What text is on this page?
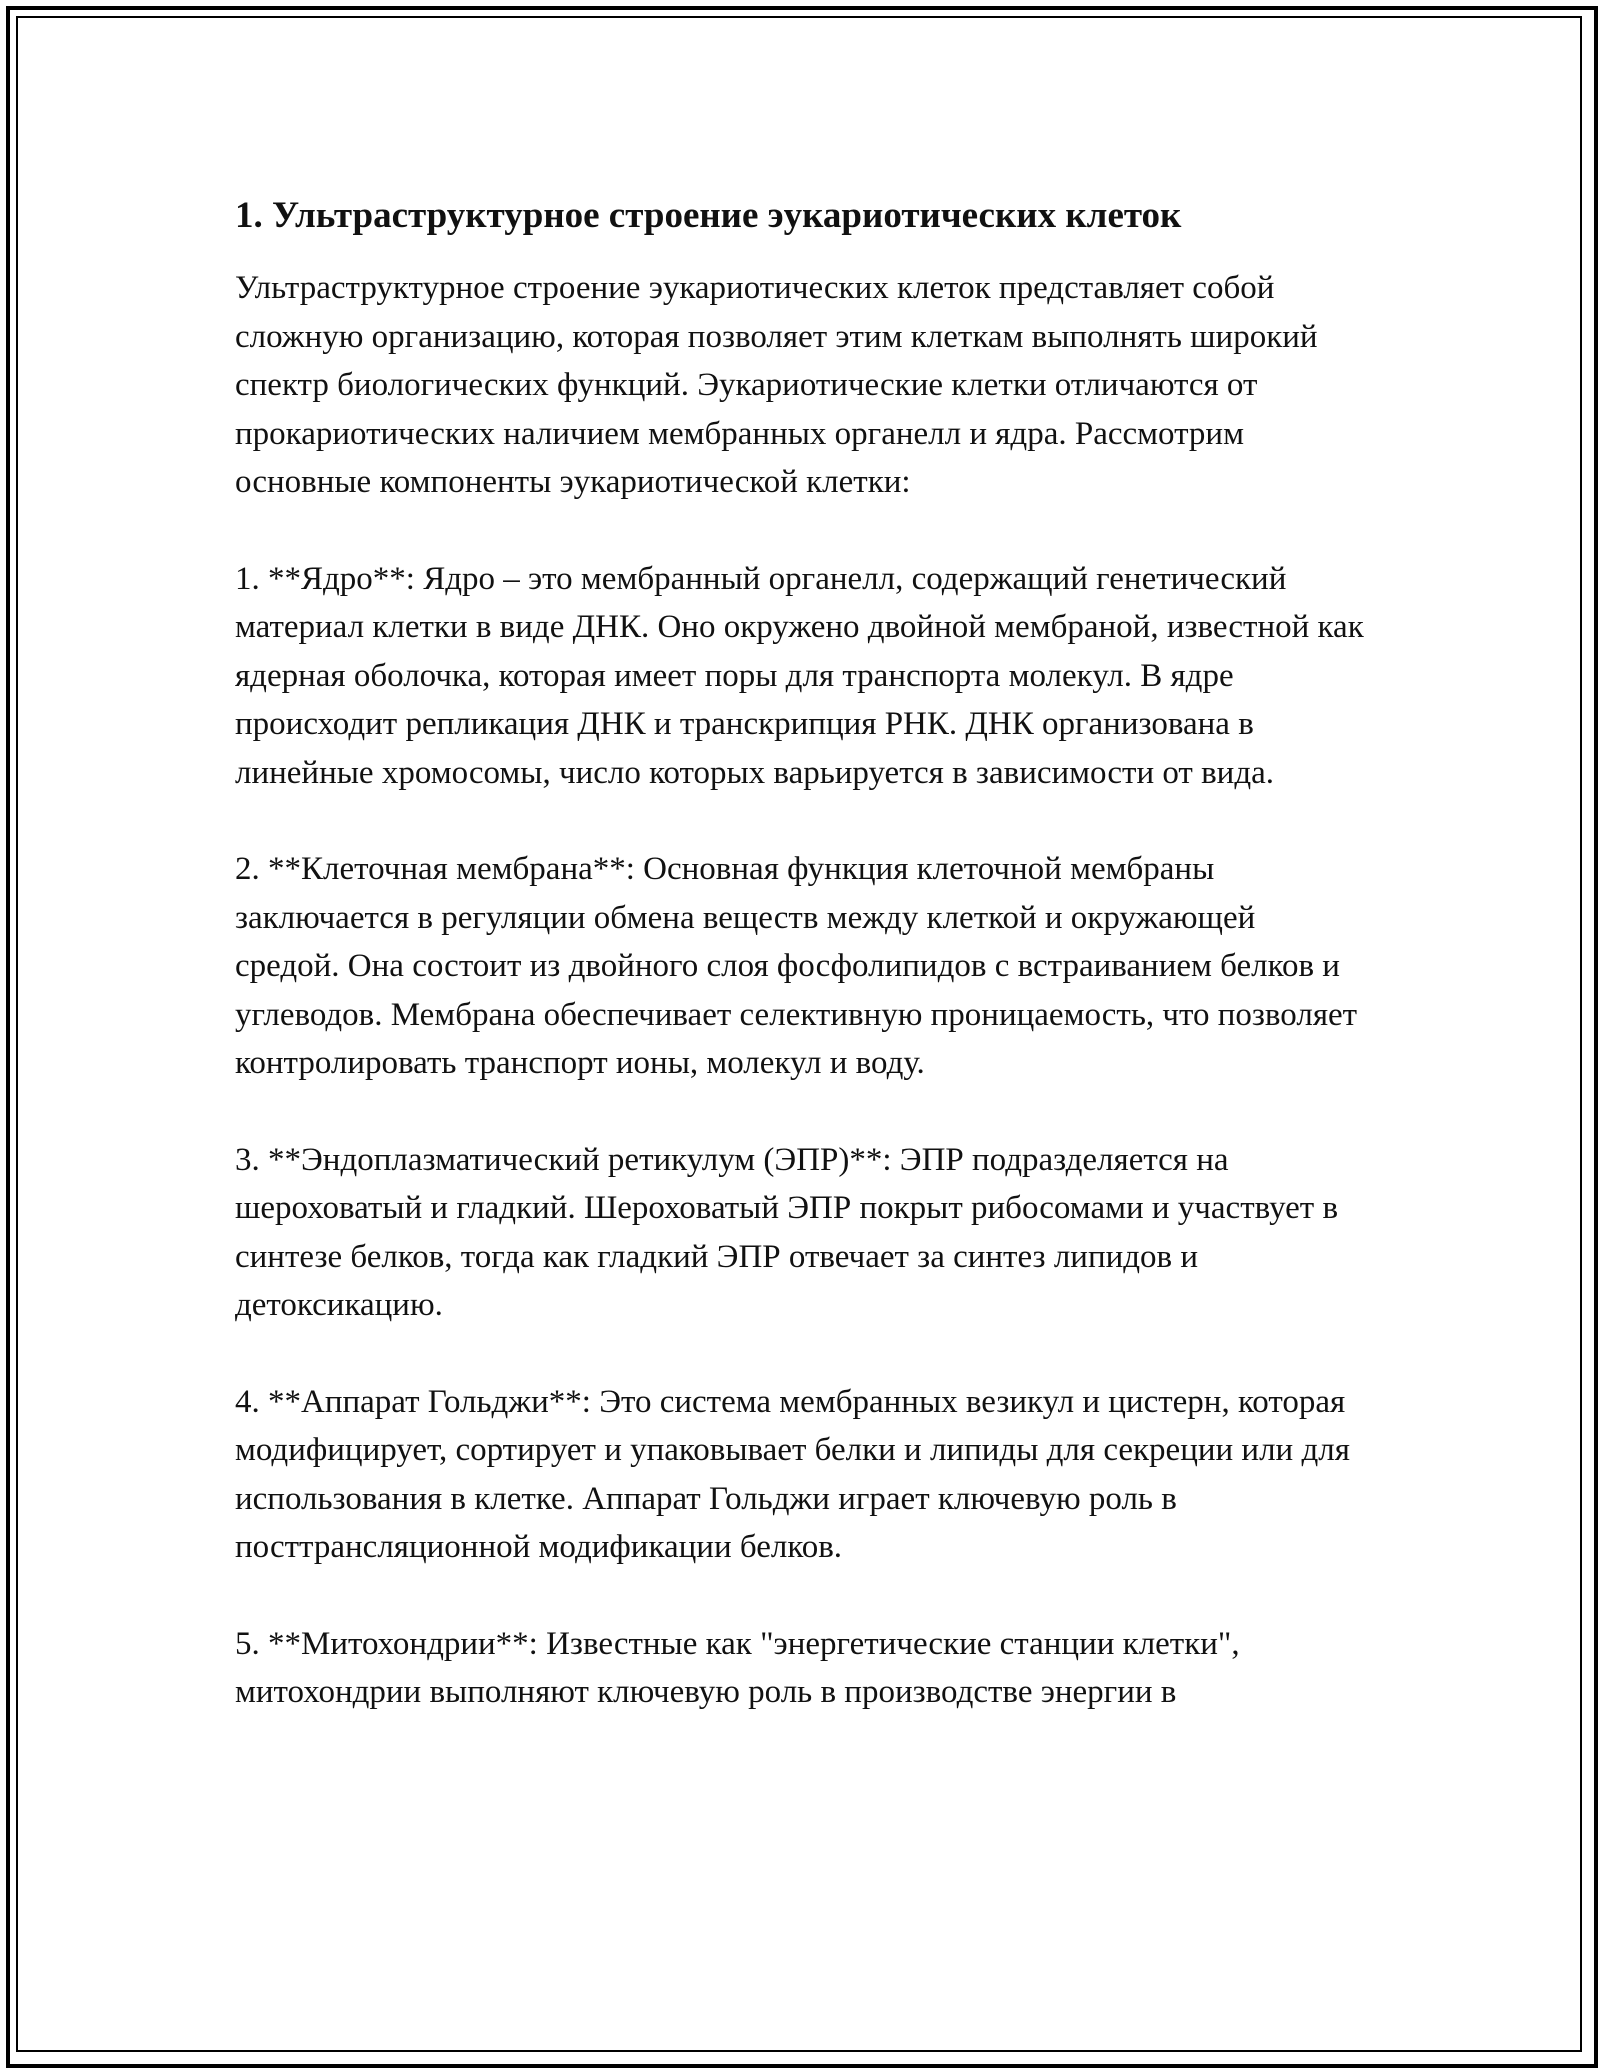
1. Ультраструктурное строение эукариотических клеток

Ультраструктурное строение эукариотических клеток представляет собой сложную организацию, которая позволяет этим клеткам выполнять широкий спектр биологических функций. Эукариотические клетки отличаются от прокариотических наличием мембранных органелл и ядра. Рассмотрим основные компоненты эукариотической клетки:

1. **Ядро**: Ядро – это мембранный органелл, содержащий генетический материал клетки в виде ДНК. Оно окружено двойной мембраной, известной как ядерная оболочка, которая имеет поры для транспорта молекул. В ядре происходит репликация ДНК и транскрипция РНК. ДНК организована в линейные хромосомы, число которых варьируется в зависимости от вида.

2. **Клеточная мембрана**: Основная функция клеточной мембраны заключается в регуляции обмена веществ между клеткой и окружающей средой. Она состоит из двойного слоя фосфолипидов с встраиванием белков и углеводов. Мембрана обеспечивает селективную проницаемость, что позволяет контролировать транспорт ионы, молекул и воду.

3. **Эндоплазматический ретикулум (ЭПР)**: ЭПР подразделяется на шероховатый и гладкий. Шероховатый ЭПР покрыт рибосомами и участвует в синтезе белков, тогда как гладкий ЭПР отвечает за синтез липидов и детоксикацию.

4. **Аппарат Гольджи**: Это система мембранных везикул и цистерн, которая модифицирует, сортирует и упаковывает белки и липиды для секреции или для использования в клетке. Аппарат Гольджи играет ключевую роль в посттрансляционной модификации белков.

5. **Митохондрии**: Известные как "энергетические станции клетки", митохондрии выполняют ключевую роль в производстве энергии в
